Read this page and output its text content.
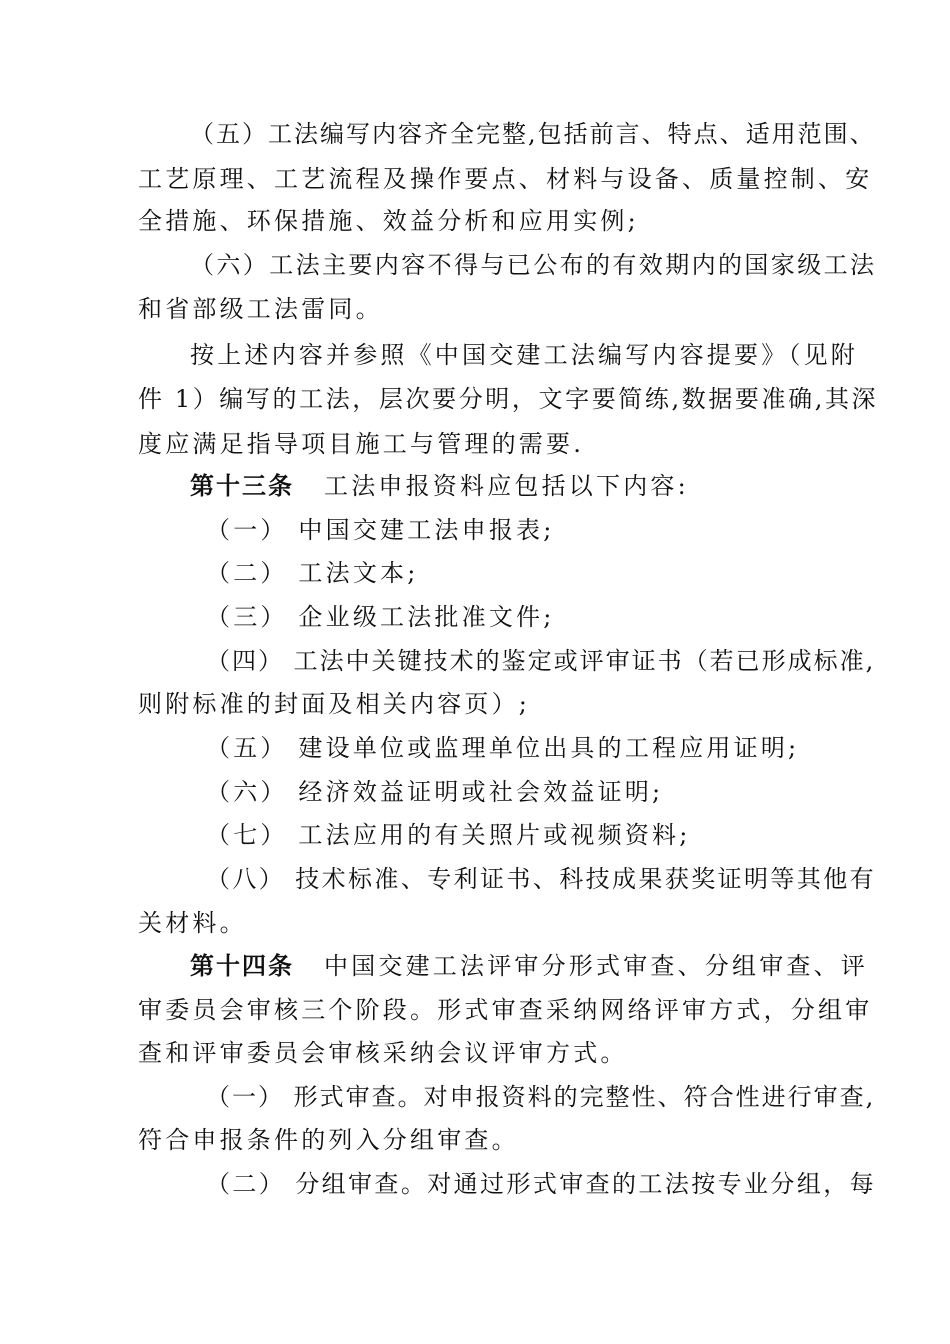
（五）工法编写内容齐全完整,包括前言、特点、适用范围、
工艺原理、工艺流程及操作要点、材料与设备、质量控制、安
全措施、环保措施、效益分析和应用实例;
（六）工法主要内容不得与已公布的有效期内的国家级工法
和省部级工法雷同。
按上述内容并参照《中国交建工法编写内容提要》（见附
件 1）编写的工法，层次要分明，文字要简练,数据要准确,其深
度应满足指导项目施工与管理的需要.
第十三条 工法申报资料应包括以下内容:
（一） 中国交建工法申报表;
（二） 工法文本;
（三） 企业级工法批准文件;
（四） 工法中关键技术的鉴定或评审证书（若已形成标准,
则附标准的封面及相关内容页）;
（五） 建设单位或监理单位出具的工程应用证明;
（六） 经济效益证明或社会效益证明;
（七） 工法应用的有关照片或视频资料;
（八） 技术标准、专利证书、科技成果获奖证明等其他有
关材料。
第十四条 中国交建工法评审分形式审查、分组审查、评
审委员会审核三个阶段。形式审查采纳网络评审方式，分组审
查和评审委员会审核采纳会议评审方式。
（一） 形式审查。对申报资料的完整性、符合性进行审查,
符合申报条件的列入分组审查。
（二） 分组审查。对通过形式审查的工法按专业分组，每
